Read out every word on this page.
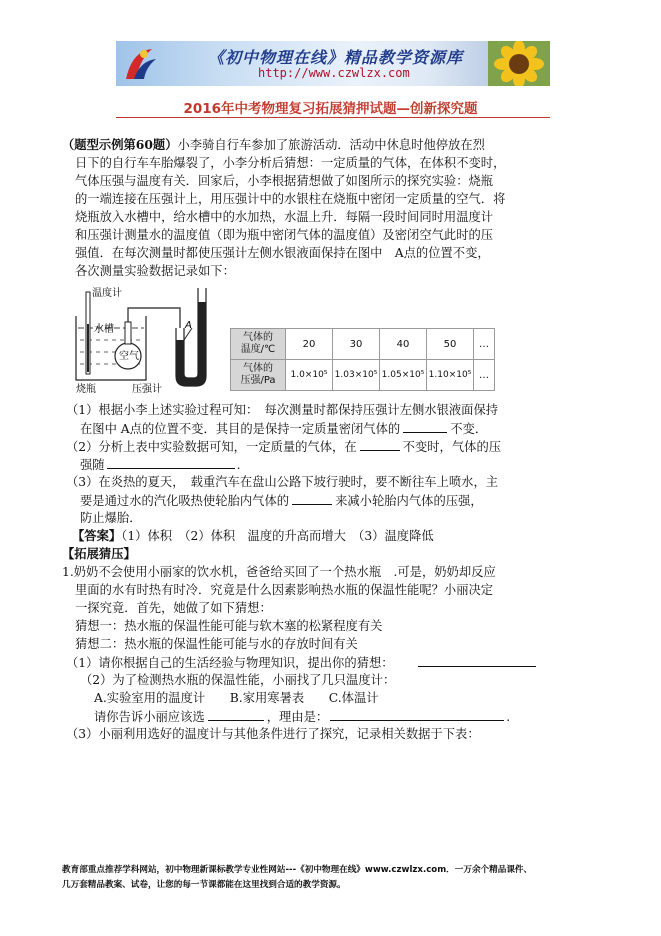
《初中物理在线》精品教学资源库
http://www.czwlzx.com
2016年中考物理复习拓展猜押试题—创新探究题
（题型示例第60题）小李骑自行车参加了旅游活动．活动中休息时他停放在烈
日下的自行车车胎爆裂了，小李分析后猜想：一定质量的气体，在体积不变时，
气体压强与温度有关．回家后，小李根据猜想做了如图所示的探究实验：烧瓶
的一端连接在压强计上，用压强计中的水银柱在烧瓶中密闭一定质量的空气．将
烧瓶放入水槽中，给水槽中的水加热，水温上升．每隔一段时间同时用温度计
和压强计测量水的温度值（即为瓶中密闭气体的温度值）及密闭空气此时的压
强值．在每次测量时都使压强计左侧水银液面保持在图中　A点的位置不变，
各次测量实验数据记录如下：
温度计
水槽
空气
A
烧瓶	压强计
气体的
温度/℃	20	30	40	50	…
气体的
压强/Pa	1.0×10⁵	1.03×10⁵	1.05×10⁵	1.10×10⁵	…
（1）根据小李上述实验过程可知：　每次测量时都保持压强计左侧水银液面保持
在图中 A点的位置不变．其目的是保持一定质量密闭气体的	不变．
（2）分析上表中实验数据可知，一定质量的气体，在	不变时，气体的压
强随	.
（3）在炎热的夏天，　载重汽车在盘山公路下坡行驶时，要不断往车上喷水，主
要是通过水的汽化吸热使轮胎内气体的	来减小轮胎内气体的压强，
防止爆胎．
【答案】（1）体积　（2）体积　温度的升高而增大　（3）温度降低
【拓展猜压】
1.奶奶不会使用小丽家的饮水机，爸爸给买回了一个热水瓶　.可是，奶奶却反应
里面的水有时热有时冷．究竟是什么因素影响热水瓶的保温性能呢？小丽决定
一探究竟．首先，她做了如下猜想：
猜想一：热水瓶的保温性能可能与软木塞的松紧程度有关
猜想二：热水瓶的保温性能可能与水的存放时间有关
（1）请你根据自己的生活经验与物理知识，提出你的猜想：
（2）为了检测热水瓶的保温性能，小丽找了几只温度计：
A.实验室用的温度计　　B.家用寒暑表　　C.体温计
请你告诉小丽应该选	，理由是：	.
（3）小丽利用选好的温度计与其他条件进行了探究，记录相关数据于下表：
教育部重点推荐学科网站，初中物理新课标教学专业性网站---《初中物理在线》www.czwlzx.com．一万余个精品课件、
几万套精品教案、试卷，让您的每一节课都能在这里找到合适的教学资源。
